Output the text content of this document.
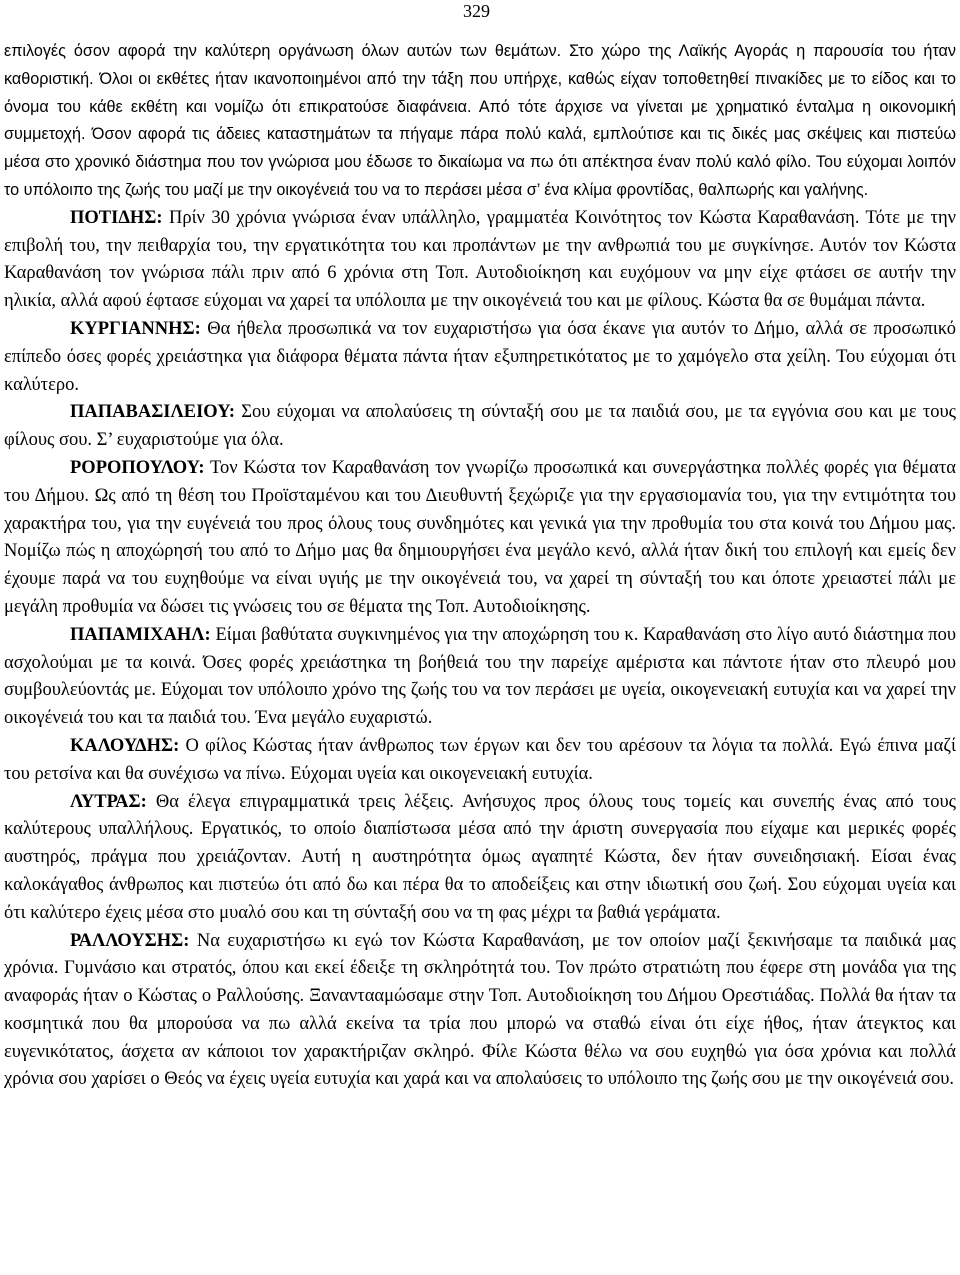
329

επιλογές όσον αφορά την καλύτερη οργάνωση όλων αυτών των θεμάτων. Στο χώρο της Λαϊκής Αγοράς η παρουσία του ήταν καθοριστική. Όλοι οι εκθέτες ήταν ικανοποιημένοι από την τάξη που υπήρχε, καθώς είχαν τοποθετηθεί πινακίδες με το είδος και το όνομα του κάθε εκθέτη και νομίζω ότι επικρατούσε διαφάνεια. Από τότε άρχισε να γίνεται με χρηματικό ένταλμα η οικονομική συμμετοχή. Όσον αφορά τις άδειες καταστημάτων τα πήγαμε πάρα πολύ καλά, εμπλούτισε και τις δικές μας σκέψεις και πιστεύω μέσα στο χρονικό διάστημα που τον γνώρισα μου έδωσε το δικαίωμα να πω ότι απέκτησα έναν πολύ καλό φίλο. Του εύχομαι λοιπόν το υπόλοιπο της ζωής του μαζί με την οικογένειά του να το περάσει μέσα σ’ ένα κλίμα φροντίδας, θαλπωρής και γαλήνης.

ΠΟΤΙΔΗΣ: Πρίν 30 χρόνια γνώρισα έναν υπάλληλο, γραμματέα Κοινότητος τον Κώστα Καραθανάση. Τότε με την επιβολή του, την πειθαρχία του, την εργατικότητα του και προπάντων με την ανθρωπιά του με συγκίνησε. Αυτόν τον Κώστα Καραθανάση τον γνώρισα πάλι πριν από 6 χρόνια στη Τοπ. Αυτοδιοίκηση και ευχόμουν να μην είχε φτάσει σε αυτήν την ηλικία, αλλά αφού έφτασε εύχομαι να χαρεί τα υπόλοιπα με την οικογένειά του και με φίλους. Κώστα θα σε θυμάμαι πάντα.

ΚΥΡΓΙΑΝΝΗΣ: Θα ήθελα προσωπικά να τον ευχαριστήσω για όσα έκανε για αυτόν το Δήμο, αλλά σε προσωπικό επίπεδο όσες φορές χρειάστηκα για διάφορα θέματα πάντα ήταν εξυπηρετικότατος με το χαμόγελο στα χείλη. Του εύχομαι ότι καλύτερο.

ΠΑΠΑΒΑΣΙΛΕΙΟΥ: Σου εύχομαι να απολαύσεις τη σύνταξή σου με τα παιδιά σου, με τα εγγόνια σου και με τους φίλους σου. Σ’ ευχαριστούμε για όλα.

ΡΟΡΟΠΟΥΛΟΥ: Τον Κώστα τον Καραθανάση τον γνωρίζω προσωπικά και συνεργάστηκα πολλές φορές για θέματα του Δήμου. Ως από τη θέση του Προϊσταμένου και του Διευθυντή ξεχώριζε για την εργασιομανία του, για την εντιμότητα του χαρακτήρα του, για την ευγένειά του προς όλους τους συνδημότες και γενικά για την προθυμία του στα κοινά του Δήμου μας. Νομίζω πώς η αποχώρησή του από το Δήμο μας θα δημιουργήσει ένα μεγάλο κενό, αλλά ήταν δική του επιλογή και εμείς δεν έχουμε παρά να του ευχηθούμε να είναι υγιής με την οικογένειά του, να χαρεί τη σύνταξή του και όποτε χρειαστεί πάλι με μεγάλη προθυμία να δώσει τις γνώσεις του σε θέματα της Τοπ. Αυτοδιοίκησης.

ΠΑΠΑΜΙΧΑΗΛ: Είμαι βαθύτατα συγκινημένος για την αποχώρηση του κ. Καραθανάση στο λίγο αυτό διάστημα που ασχολούμαι με τα κοινά. Όσες φορές χρειάστηκα τη βοήθειά του την παρείχε αμέριστα και πάντοτε ήταν στο πλευρό μου συμβουλεύοντάς με. Εύχομαι τον υπόλοιπο χρόνο της ζωής του να τον περάσει με υγεία, οικογενειακή ευτυχία και να χαρεί την οικογένειά του και τα παιδιά του. Ένα μεγάλο ευχαριστώ.

ΚΑΛΟΥΔΗΣ: Ο φίλος Κώστας ήταν άνθρωπος των έργων και δεν του αρέσουν τα λόγια τα πολλά. Εγώ έπινα μαζί του ρετσίνα και θα συνέχισω να πίνω. Εύχομαι υγεία και οικογενειακή ευτυχία.

ΛΥΤΡΑΣ: Θα έλεγα επιγραμματικά τρεις λέξεις. Ανήσυχος προς όλους τους τομείς και συνεπής ένας από τους καλύτερους υπαλλήλους. Εργατικός, το οποίο διαπίστωσα μέσα από την άριστη συνεργασία που είχαμε και μερικές φορές αυστηρός, πράγμα που χρειάζονταν. Αυτή η αυστηρότητα όμως αγαπητέ Κώστα, δεν ήταν συνειδησιακή. Είσαι ένας καλοκάγαθος άνθρωπος και πιστεύω ότι από δω και πέρα θα το αποδείξεις και στην ιδιωτική σου ζωή. Σου εύχομαι υγεία και ότι καλύτερο έχεις μέσα στο μυαλό σου και τη σύνταξή σου να τη φας μέχρι τα βαθιά γεράματα.

ΡΑΛΛΟΥΣΗΣ: Να ευχαριστήσω κι εγώ τον Κώστα Καραθανάση, με τον οποίον μαζί ξεκινήσαμε τα παιδικά μας χρόνια. Γυμνάσιο και στρατός, όπου και εκεί έδειξε τη σκληρότητά του. Τον πρώτο στρατιώτη που έφερε στη μονάδα για της αναφοράς ήταν ο Κώστας ο Ραλλούσης. Ξαναντααμώσαμε στην Τοπ. Αυτοδιοίκηση του Δήμου Ορεστιάδας. Πολλά θα ήταν τα κοσμητικά που θα μπορούσα να πω αλλά εκείνα τα τρία που μπορώ να σταθώ είναι ότι είχε ήθος, ήταν άτεγκτος και ευγενικότατος, άσχετα αν κάποιοι τον χαρακτήριζαν σκληρό. Φίλε Κώστα θέλω να σου ευχηθώ για όσα χρόνια και πολλά χρόνια σου χαρίσει ο Θεός να έχεις υγεία ευτυχία και χαρά και να απολαύσεις το υπόλοιπο της ζωής σου με την οικογένειά σου.
